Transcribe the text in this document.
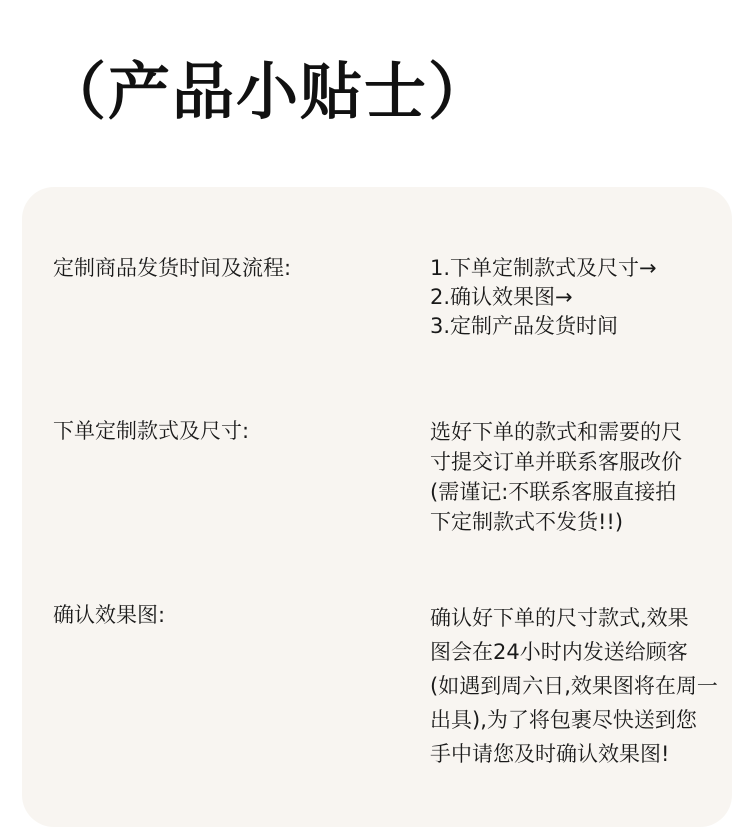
（产品小贴士）
定制商品发货时间及流程:	1.下单定制款式及尺寸→
2.确认效果图→
3.定制产品发货时间
下单定制款式及尺寸:	选好下单的款式和需要的尺
寸提交订单并联系客服改价
(需谨记:不联系客服直接拍
下定制款式不发货!!)
确认效果图:	确认好下单的尺寸款式,效果
图会在24小时内发送给顾客
(如遇到周六日,效果图将在周一
出具),为了将包裹尽快送到您
手中请您及时确认效果图!
